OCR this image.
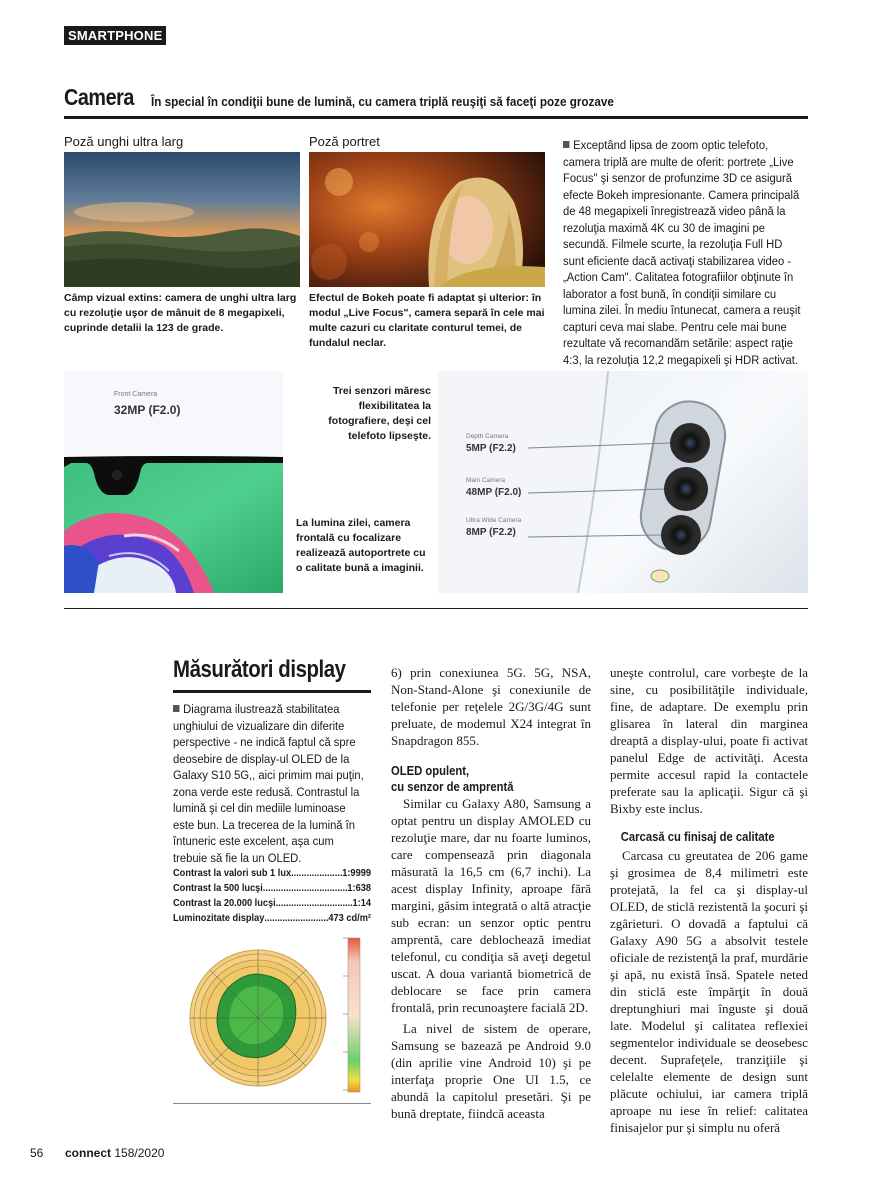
SMARTPHONE
Camera În special în condiţii bune de lumină, cu camera triplă reuşiţi să faceţi poze grozave
Poză unghi ultra larg	Poză portret
Câmp vizual extins: camera de unghi ultra larg cu rezoluţie uşor de mânuit de 8 megapixeli, cuprinde detalii la 123 de grade.
Efectul de Bokeh poate fi adaptat şi ulterior: în modul „Live Focus", camera separă în cele mai multe cazuri cu claritate conturul temei, de fundalul neclar.
Exceptând lipsa de zoom optic telefoto, camera triplă are multe de oferit: portrete „Live Focus" şi senzor de profunzime 3D ce asigură efecte Bokeh impresionante. Camera principală de 48 megapixeli înregistrează video până la rezoluţia maximă 4K cu 30 de imagini pe secundă. Filmele scurte, la rezoluţia Full HD sunt eficiente dacă activaţi stabilizarea video - „Action Cam". Calitatea fotografiilor obţinute în laborator a fost bună, în condiţii similare cu lumina zilei. În mediu întunecat, camera a reuşit capturi ceva mai slabe. Pentru cele mai bune rezultate vă recomandăm setările: aspect raţie 4:3, la rezoluţia 12,2 megapixeli şi HDR activat.
Front Camera
32MP (F2.0)
Trei senzori măresc flexibilitatea la fotografiere, deşi cel telefoto lipseşte.
La lumina zilei, camera frontală cu focalizare realizează autoportrete cu o calitate bună a imaginii.
Depth Camera
5MP (F2.2)
Main Camera
48MP (F2.0)
Ultra Wide Camera
8MP (F2.2)
Măsurători display
Diagrama ilustrează stabilitatea unghiului de vizualizare din diferite perspective - ne indică faptul că spre deosebire de display-ul OLED de la Galaxy S10 5G,, aici primim mai puţin, zona verde este redusă. Contrastul la lumină şi cel din mediile luminoase este bun. La trecerea de la lumină în întuneric este excelent, aşa cum trebuie să fie la un OLED.
Contrast la valori sub 1 lux .....	1:9999
Contrast la 500 lucşi .....	1:638
Contrast la 20.000 lucşi .....	1:14
Luminozitate display .....	473 cd/m²

6) prin conexiunea 5G. 5G, NSA, Non-Stand-Alone şi conexiunile de telefonie per reţelele 2G/3G/4G sunt preluate, de modemul X24 integrat în Snapdragon 855.

OLED opulent,
cu senzor de amprentă

Similar cu Galaxy A80, Samsung a optat pentru un display AMOLED cu rezoluţie mare, dar nu foarte luminos, care compensează prin diagonala măsurată la 16,5 cm (6,7 inchi). La acest display Infinity, aproape fără margini, găsim integrată o altă atracţie sub ecran: un senzor optic pentru amprentă, care deblochează imediat telefonul, cu condiţia să aveţi degetul uscat. A doua variantă biometrică de deblocare se face prin camera frontală, prin recunoaştere facială 2D.

La nivel de sistem de operare, Samsung se bazează pe Android 9.0 (din aprilie vine Android 10) şi pe interfaţa proprie One UI 1.5, ce abundă la capitolul presetări. Şi pe bună dreptate, fiindcă aceasta

uneşte controlul, care vorbeşte de la sine, cu posibilităţile individuale, fine, de adaptare. De exemplu prin glisarea în lateral din marginea dreaptă a display-ului, poate fi activat panelul Edge de activităţi. Acesta permite accesul rapid la contactele preferate sau la aplicaţii. Sigur că şi Bixby este inclus.

Carcasă cu finisaj de calitate

Carcasa cu greutatea de 206 game şi grosimea de 8,4 milimetri este protejată, la fel ca şi display-ul OLED, de sticlă rezistentă la şocuri şi zgârieturi. O dovadă a faptului că Galaxy A90 5G a absolvit testele oficiale de rezistenţă la praf, murdărie şi apă, nu există însă. Spatele neted din sticlă este împărţit în două dreptunghiuri mai înguste şi două late. Modelul şi calitatea reflexiei segmentelor individuale se deosebesc decent. Suprafeţele, tranziţiile şi celelalte elemente de design sunt plăcute ochiului, iar camera triplă aproape nu iese în relief: calitatea finisajelor pur şi simplu nu oferă

56 connect 158/2020
